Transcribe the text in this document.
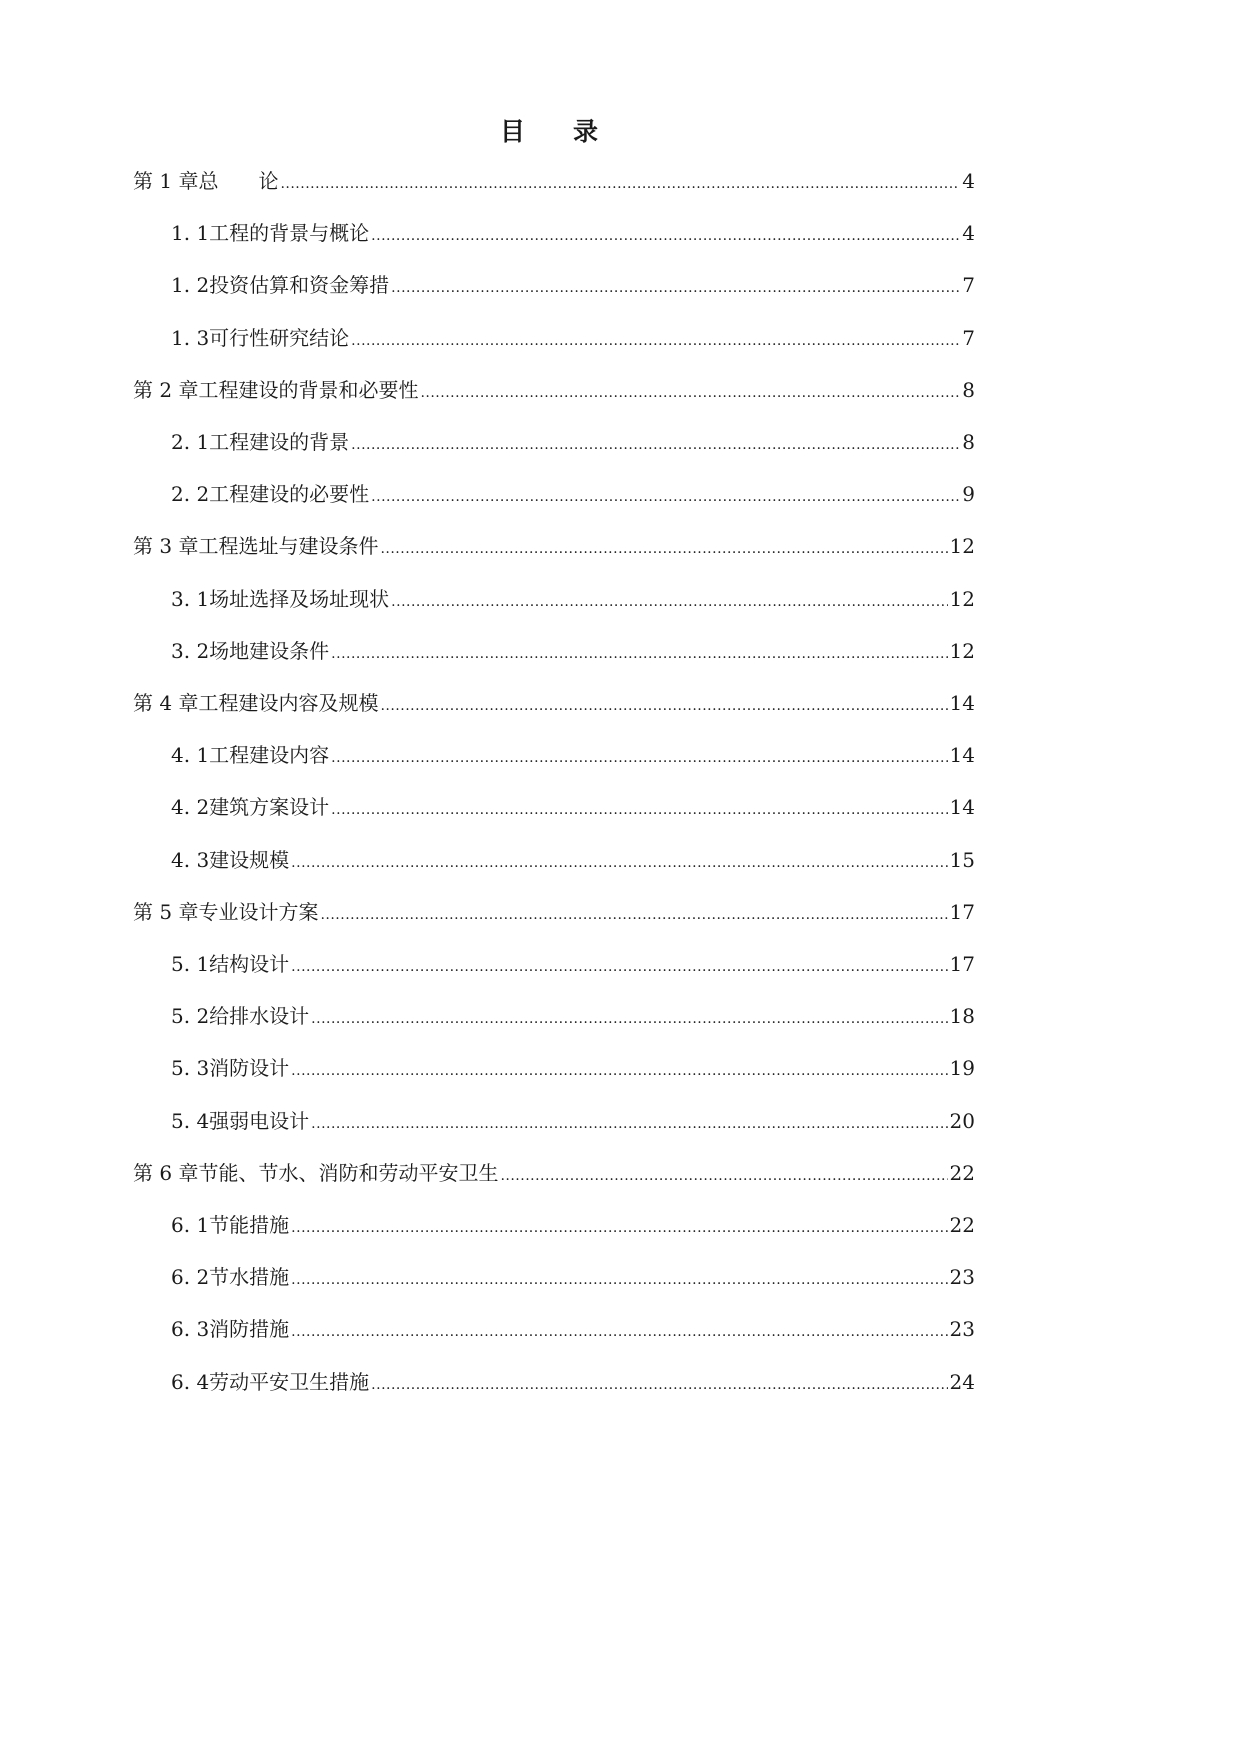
目 录
第 1 章 总　　论 .....	4
1. 1 工程的背景与概论 .....	4
1. 2 投资估算和资金筹措 .....	7
1. 3 可行性研究结论 .....	7
第 2 章 工程建设的背景和必要性 .....	8
2. 1 工程建设的背景 .....	8
2. 2 工程建设的必要性 .....	9
第 3 章 工程选址与建设条件 .....	12
3. 1 场址选择及场址现状 .....	12
3. 2 场地建设条件 .....	12
第 4 章 工程建设内容及规模 .....	14
4. 1 工程建设内容 .....	14
4. 2 建筑方案设计 .....	14
4. 3 建设规模 .....	15
第 5 章 专业设计方案 .....	17
5. 1 结构设计 .....	17
5. 2 给排水设计 .....	18
5. 3 消防设计 .....	19
5. 4 强弱电设计 .....	20
第 6 章 节能、节水、消防和劳动平安卫生 .....	22
6. 1 节能措施 .....	22
6. 2 节水措施 .....	23
6. 3 消防措施 .....	23
6. 4 劳动平安卫生措施 .....	24
